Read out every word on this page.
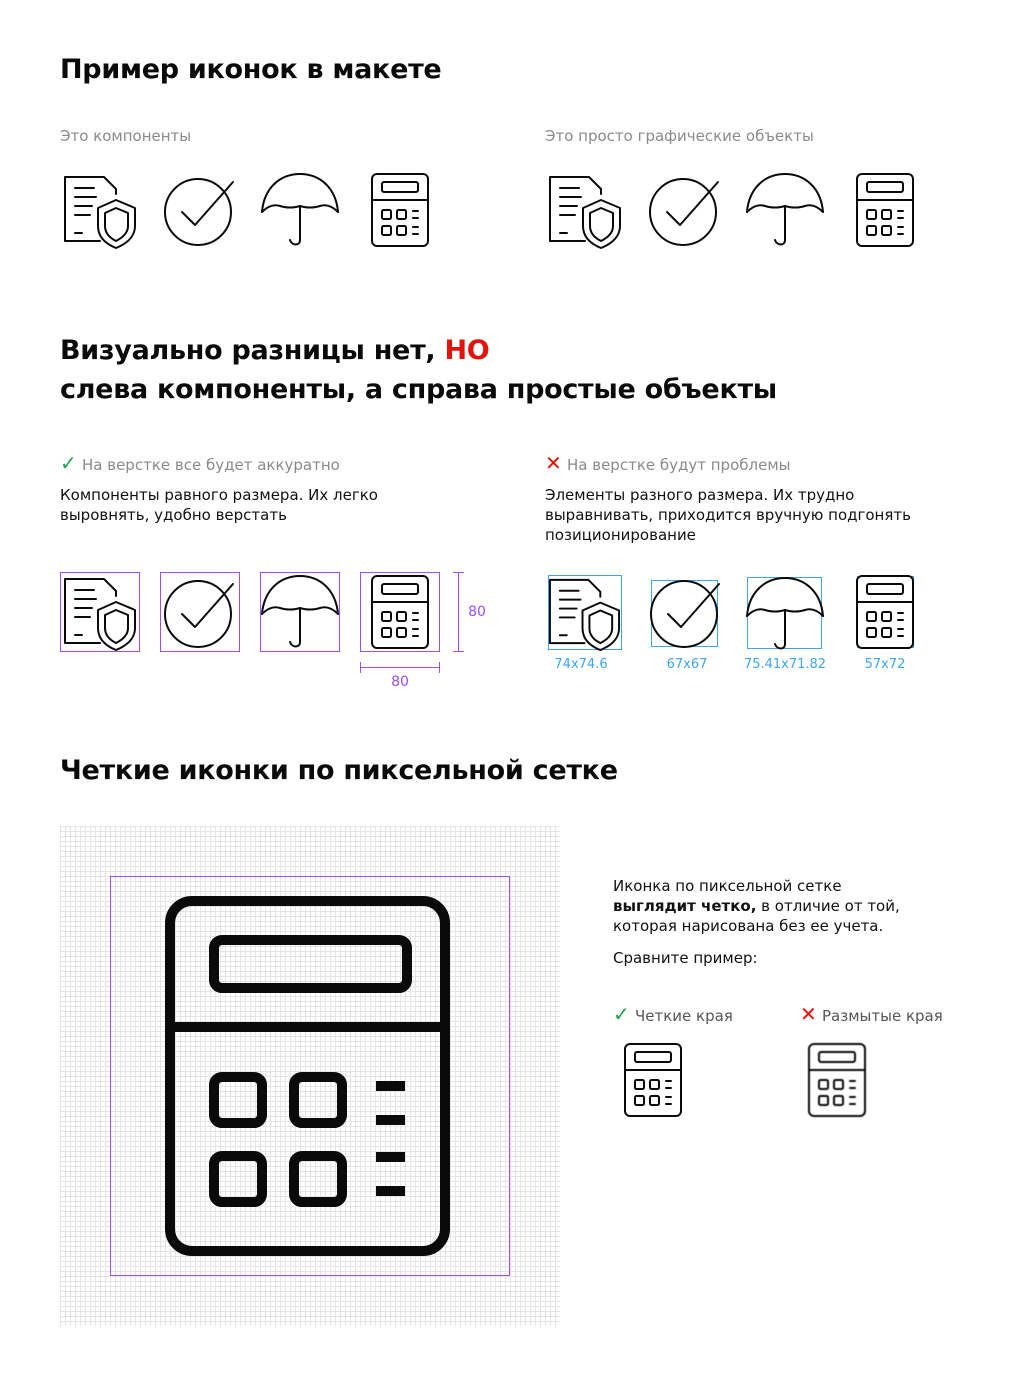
Пример иконок в макете
Это компоненты	Это просто графические объекты
Визуально разницы нет, НО
слева компоненты, а справа простые объекты
✓ На верстке все будет аккуратно	✕ На верстке будут проблемы
Компоненты равного размера. Их легко выровнять, удобно верстать
Элементы разного размера. Их трудно выравнивать, приходится вручную подгонять позиционирование
80
80
74x74.6	67x67	75.41x71.82	57x72
Четкие иконки по пиксельной сетке
Иконка по пиксельной сетке выглядит четко, в отличие от той, которая нарисована без ее учета.
Сравните пример:
✓ Четкие края	✕ Размытые края
